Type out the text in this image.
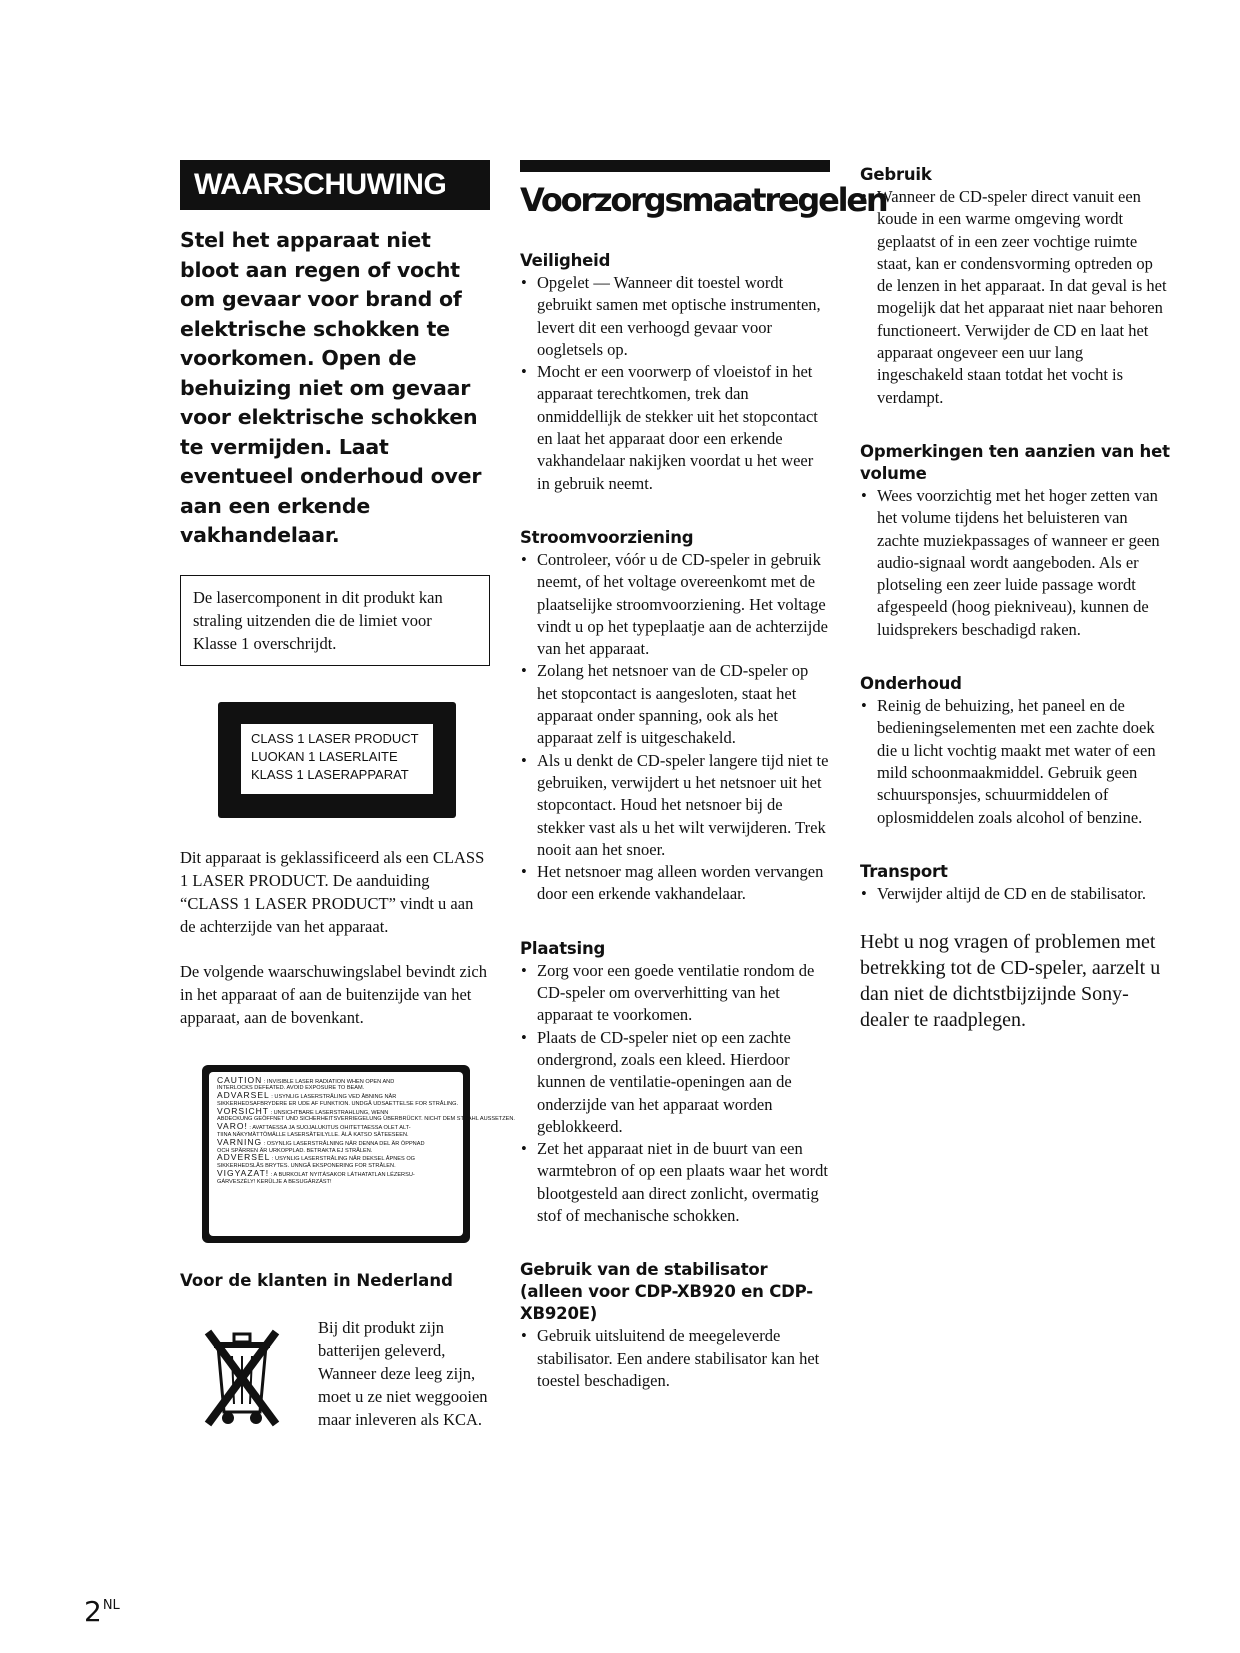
WAARSCHUWING
Stel het apparaat niet bloot aan regen of vocht om gevaar voor brand of elektrische schokken te voorkomen. Open de behuizing niet om gevaar voor elektrische schokken te vermijden. Laat eventueel onderhoud over aan een erkende vakhandelaar.
De lasercomponent in dit produkt kan straling uitzenden die de limiet voor Klasse 1 overschrijdt.
CLASS 1 LASER PRODUCT
LUOKAN 1 LASERLAITE
KLASS 1 LASERAPPARAT
Dit apparaat is geklassificeerd als een CLASS 1 LASER PRODUCT. De aanduiding “CLASS 1 LASER PRODUCT” vindt u aan de achterzijde van het apparaat.
De volgende waarschuwingslabel bevindt zich in het apparaat of aan de buitenzijde van het apparaat, aan de bovenkant.
CAUTION : INVISIBLE LASER RADIATION WHEN OPEN AND
INTERLOCKS DEFEATED. AVOID EXPOSURE TO BEAM.
ADVARSEL : USYNLIG LASERSTRÅLING VED ÅBNING NÅR
SIKKERHEDSAFBRYDERE ER UDE AF FUNKTION. UNDGÅ UDSAETTELSE FOR STRÅLING.
VORSICHT : UNSICHTBARE LASERSTRAHLUNG, WENN
ABDECKUNG GEÖFFNET UND SICHERHEITSVERRIEGELUNG ÜBERBRÜCKT. NICHT DEM STRAHL AUSSETZEN.
VARO! : AVATTAESSA JA SUOJALUKITUS OHITETTAESSA OLET ALT-
TIINA NÄKYMÄTTÖMÄLLE LASERSÄTEILYLLE. ÄLÄ KATSO SÄTEESEEN.
VARNING : OSYNLIG LASERSTRÅLNING NÄR DENNA DEL ÄR ÖPPNAD
OCH SPÄRREN ÄR URKOPPLAD. BETRAKTA EJ STRÅLEN.
ADVERSEL : USYNLIG LASERSTRÅLING NÅR DEKSEL ÅPNES OG
SIKKERHEDSLÅS BRYTES. UNNGÅ EKSPONERING FOR STRÅLEN.
VIGYAZAT! : A BURKOLAT NYITÁSAKOR LÁTHATATLAN LÉZERSU-
GÁRVESZÉLY! KERÜLJE A BESUGÁRZÁST!
Voor de klanten in Nederland
Bij dit produkt zijn batterijen geleverd, Wanneer deze leeg zijn, moet u ze niet weggooien maar inleveren als KCA.
Voorzorgsmaatregelen
Veiligheid
• Opgelet — Wanneer dit toestel wordt gebruikt samen met optische instrumenten, levert dit een verhoogd gevaar voor oogletsels op.
• Mocht er een voorwerp of vloeistof in het apparaat terechtkomen, trek dan onmiddellijk de stekker uit het stopcontact en laat het apparaat door een erkende vakhandelaar nakijken voordat u het weer in gebruik neemt.
Stroomvoorziening
• Controleer, vóór u de CD-speler in gebruik neemt, of het voltage overeenkomt met de plaatselijke stroomvoorziening. Het voltage vindt u op het typeplaatje aan de achterzijde van het apparaat.
• Zolang het netsnoer van de CD-speler op het stopcontact is aangesloten, staat het apparaat onder spanning, ook als het apparaat zelf is uitgeschakeld.
• Als u denkt de CD-speler langere tijd niet te gebruiken, verwijdert u het netsnoer uit het stopcontact. Houd het netsnoer bij de stekker vast als u het wilt verwijderen. Trek nooit aan het snoer.
• Het netsnoer mag alleen worden vervangen door een erkende vakhandelaar.
Plaatsing
• Zorg voor een goede ventilatie rondom de CD-speler om oververhitting van het apparaat te voorkomen.
• Plaats de CD-speler niet op een zachte ondergrond, zoals een kleed. Hierdoor kunnen de ventilatie-openingen aan de onderzijde van het apparaat worden geblokkeerd.
• Zet het apparaat niet in de buurt van een warmtebron of op een plaats waar het wordt blootgesteld aan direct zonlicht, overmatig stof of mechanische schokken.
Gebruik van de stabilisator (alleen voor CDP-XB920 en CDP-XB920E)
• Gebruik uitsluitend de meegeleverde stabilisator. Een andere stabilisator kan het toestel beschadigen.
Gebruik
• Wanneer de CD-speler direct vanuit een koude in een warme omgeving wordt geplaatst of in een zeer vochtige ruimte staat, kan er condensvorming optreden op de lenzen in het apparaat. In dat geval is het mogelijk dat het apparaat niet naar behoren functioneert. Verwijder de CD en laat het apparaat ongeveer een uur lang ingeschakeld staan totdat het vocht is verdampt.
Opmerkingen ten aanzien van het volume
• Wees voorzichtig met het hoger zetten van het volume tijdens het beluisteren van zachte muziekpassages of wanneer er geen audio-signaal wordt aangeboden. Als er plotseling een zeer luide passage wordt afgespeeld (hoog piekniveau), kunnen de luidsprekers beschadigd raken.
Onderhoud
• Reinig de behuizing, het paneel en de bedieningselementen met een zachte doek die u licht vochtig maakt met water of een mild schoonmaakmiddel. Gebruik geen schuursponsjes, schuurmiddelen of oplosmiddelen zoals alcohol of benzine.
Transport
• Verwijder altijd de CD en de stabilisator.
Hebt u nog vragen of problemen met betrekking tot de CD-speler, aarzelt u dan niet de dichtstbijzijnde Sony-dealer te raadplegen.
$2^{NL}$
